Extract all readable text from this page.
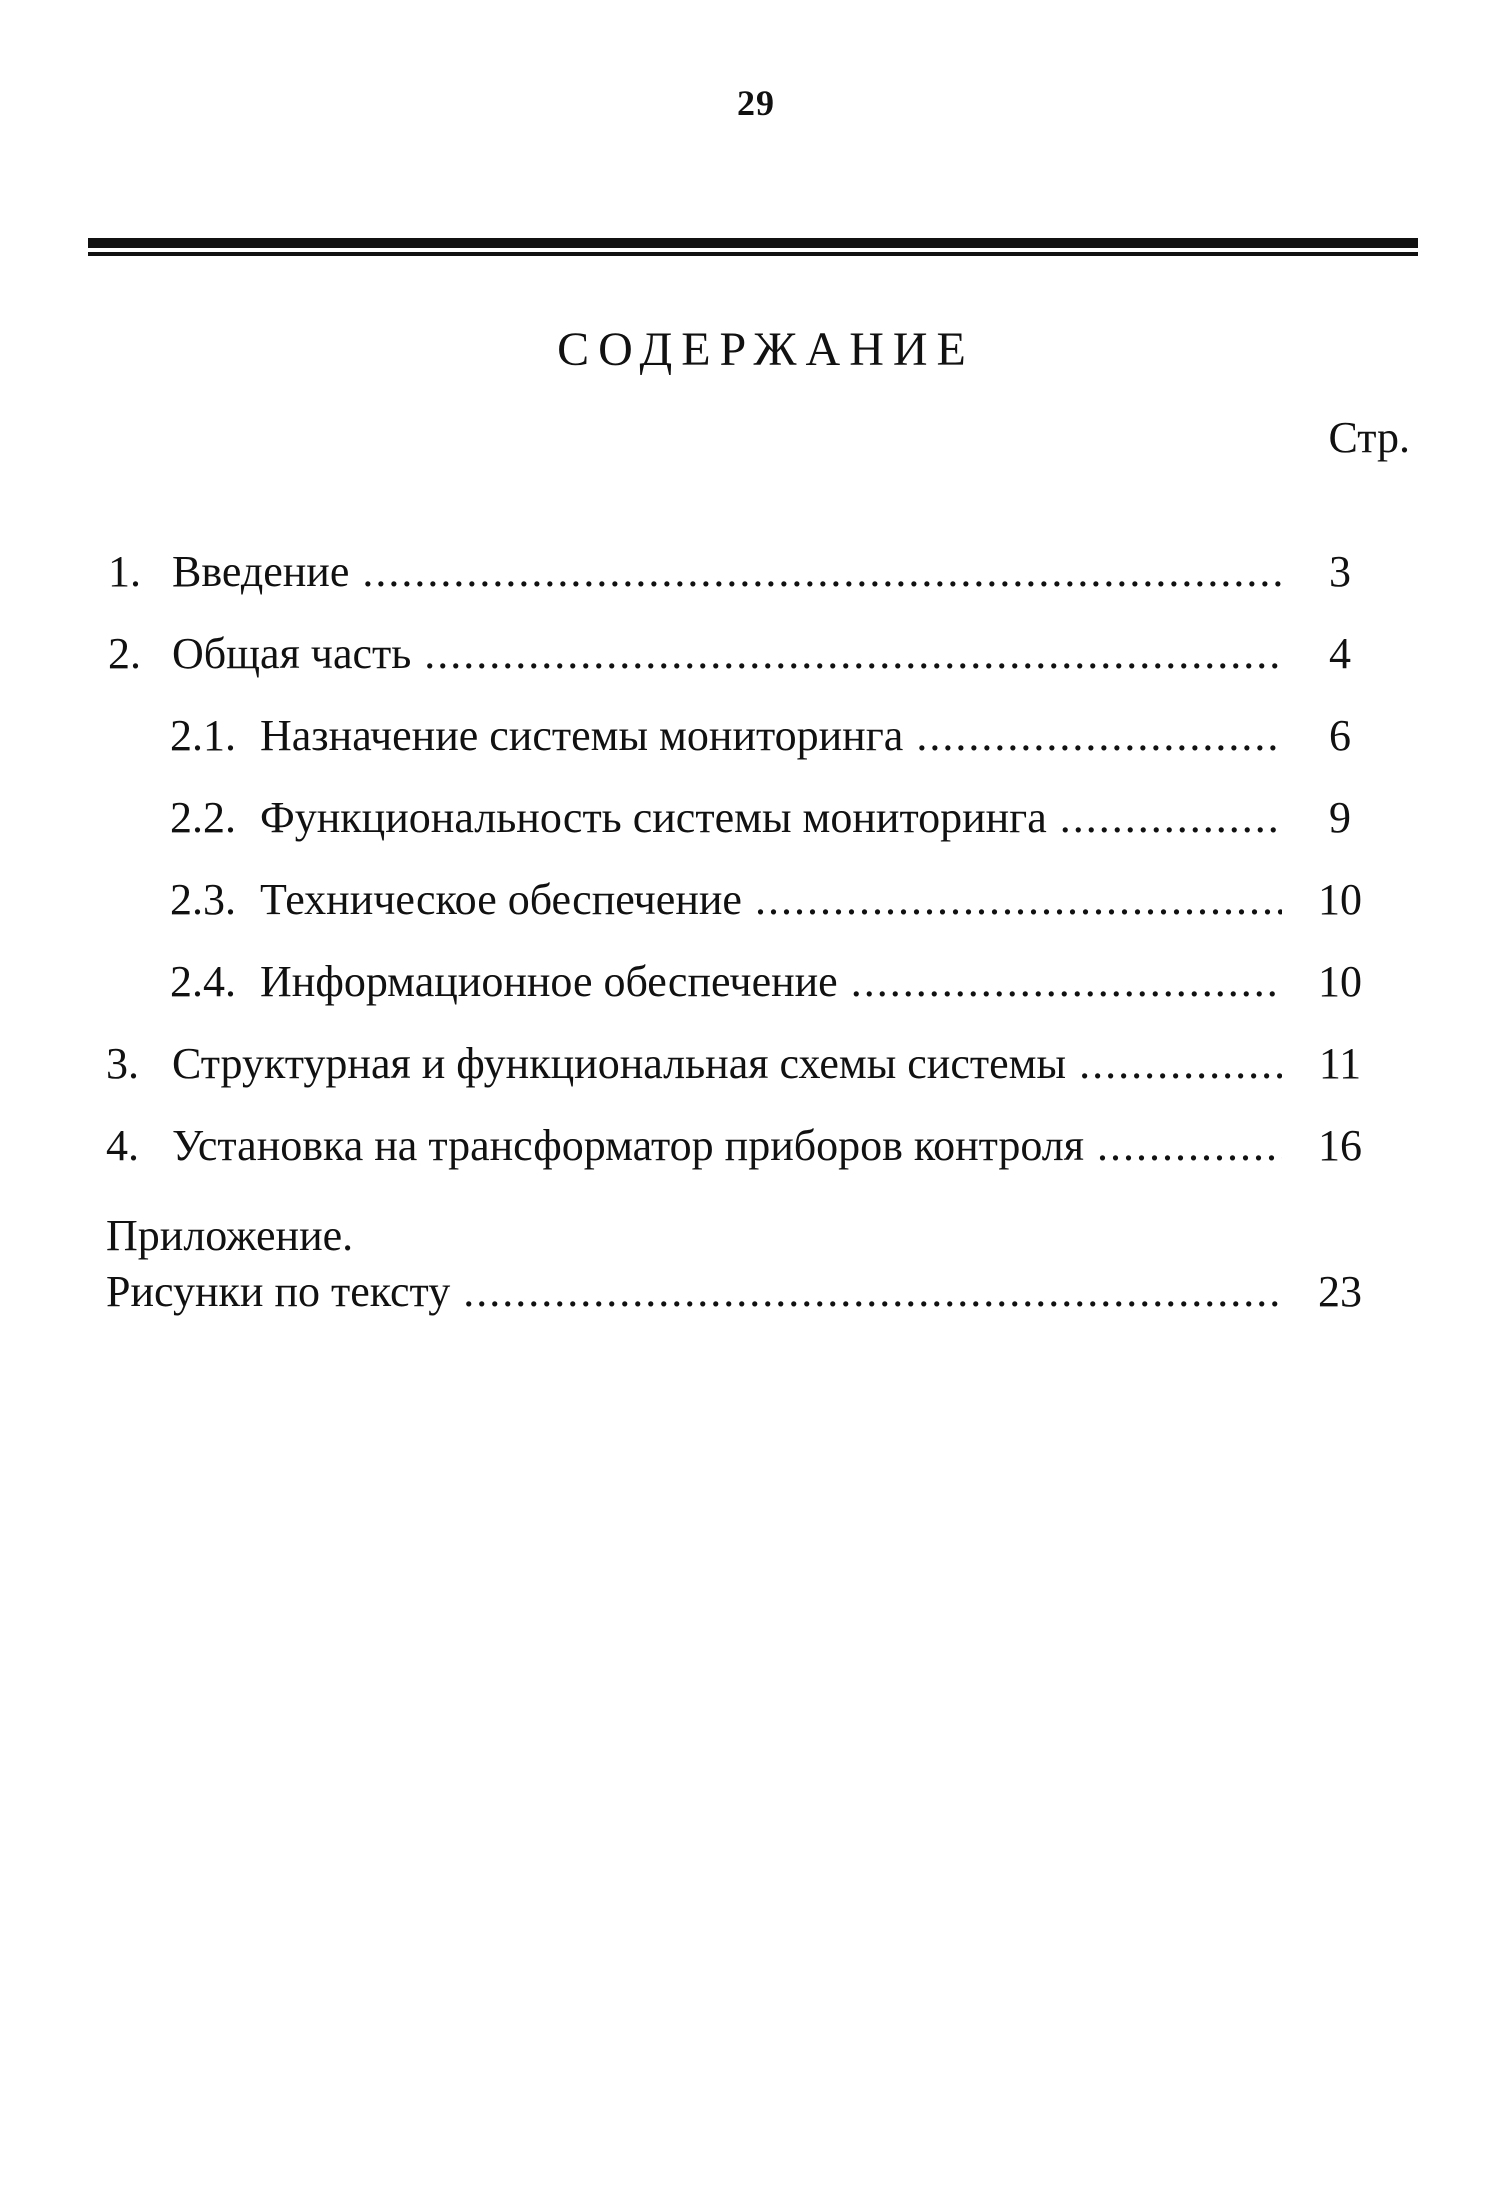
29
СОДЕРЖАНИЕ
Стр.
1. Введение .....	3
2. Общая часть .....	4
2.1. Назначение системы мониторинга .....	6
2.2. Функциональность системы мониторинга .....	9
2.3. Техническое обеспечение .....	10
2.4. Информационное обеспечение .....	10
3. Структурная и функциональная схемы системы .....	11
4. Установка на трансформатор приборов контроля .....	16
Приложение.
Рисунки по тексту .....	23
